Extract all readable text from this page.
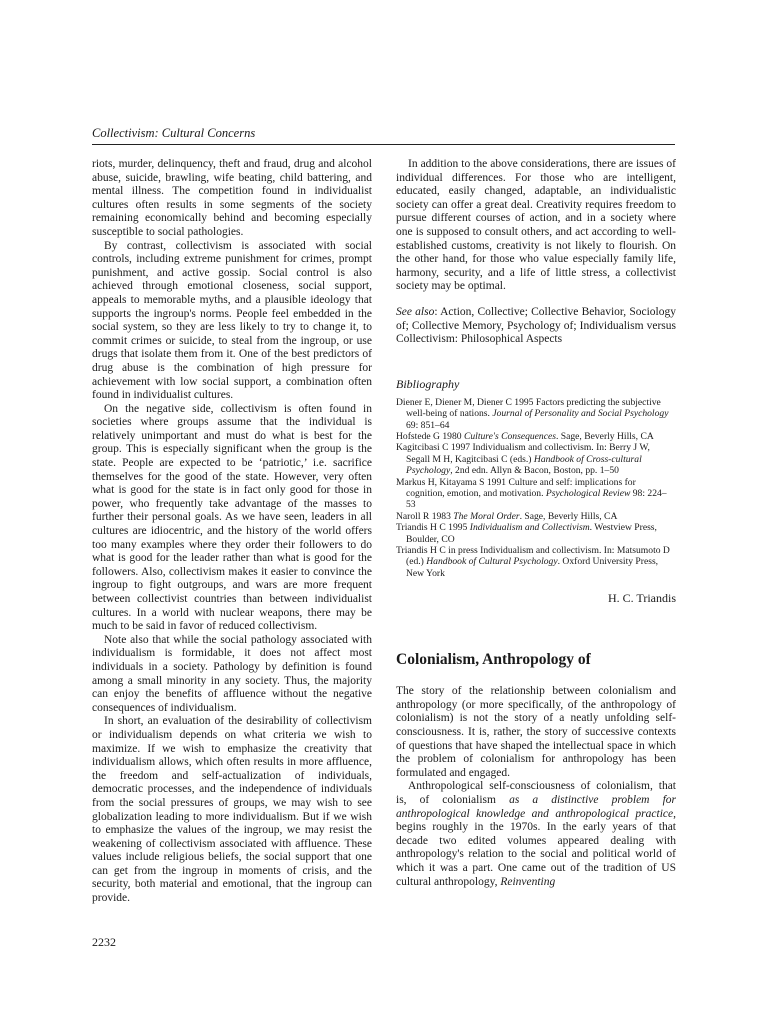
Collectivism: Cultural Concerns

riots, murder, delinquency, theft and fraud, drug and alcohol abuse, suicide, brawling, wife beating, child battering, and mental illness. The competition found in individualist cultures often results in some segments of the society remaining economically behind and becoming especially susceptible to social pathologies.

By contrast, collectivism is associated with social controls, including extreme punishment for crimes, prompt punishment, and active gossip. Social control is also achieved through emotional closeness, social support, appeals to memorable myths, and a plausible ideology that supports the ingroup's norms. People feel embedded in the social system, so they are less likely to try to change it, to commit crimes or suicide, to steal from the ingroup, or use drugs that isolate them from it. One of the best predictors of drug abuse is the combination of high pressure for achievement with low social support, a combination often found in individualist cultures.

On the negative side, collectivism is often found in societies where groups assume that the individual is relatively unimportant and must do what is best for the group. This is especially significant when the group is the state. People are expected to be ‘patriotic,’ i.e. sacrifice themselves for the good of the state. However, very often what is good for the state is in fact only good for those in power, who frequently take advantage of the masses to further their personal goals. As we have seen, leaders in all cultures are idiocentric, and the history of the world offers too many examples where they order their followers to do what is good for the leader rather than what is good for the followers. Also, collectivism makes it easier to convince the ingroup to fight outgroups, and wars are more frequent between collectivist countries than between individualist cultures. In a world with nuclear weapons, there may be much to be said in favor of reduced collectivism.

Note also that while the social pathology associated with individualism is formidable, it does not affect most individuals in a society. Pathology by definition is found among a small minority in any society. Thus, the majority can enjoy the benefits of affluence without the negative consequences of individualism.

In short, an evaluation of the desirability of collectivism or individualism depends on what criteria we wish to maximize. If we wish to emphasize the creativity that individualism allows, which often results in more affluence, the freedom and self-actualization of individuals, democratic processes, and the independence of individuals from the social pressures of groups, we may wish to see globalization leading to more individualism. But if we wish to emphasize the values of the ingroup, we may resist the weakening of collectivism associated with affluence. These values include religious beliefs, the social support that one can get from the ingroup in moments of crisis, and the security, both material and emotional, that the ingroup can provide.

In addition to the above considerations, there are issues of individual differences. For those who are intelligent, educated, easily changed, adaptable, an individualistic society can offer a great deal. Creativity requires freedom to pursue different courses of action, and in a society where one is supposed to consult others, and act according to well-established customs, creativity is not likely to flourish. On the other hand, for those who value especially family life, harmony, security, and a life of little stress, a collectivist society may be optimal.

See also: Action, Collective; Collective Behavior, Sociology of; Collective Memory, Psychology of; Individualism versus Collectivism: Philosophical Aspects

Bibliography
Diener E, Diener M, Diener C 1995 Factors predicting the subjective well-being of nations. Journal of Personality and Social Psychology 69: 851–64
Hofstede G 1980 Culture's Consequences. Sage, Beverly Hills, CA
Kagitcibasi C 1997 Individualism and collectivism. In: Berry J W, Segall M H, Kagitcibasi C (eds.) Handbook of Cross-cultural Psychology, 2nd edn. Allyn & Bacon, Boston, pp. 1–50
Markus H, Kitayama S 1991 Culture and self: implications for cognition, emotion, and motivation. Psychological Review 98: 224–53
Naroll R 1983 The Moral Order. Sage, Beverly Hills, CA
Triandis H C 1995 Individualism and Collectivism. Westview Press, Boulder, CO
Triandis H C in press Individualism and collectivism. In: Matsumoto D (ed.) Handbook of Cultural Psychology. Oxford University Press, New York
H. C. Triandis
Colonialism, Anthropology of

The story of the relationship between colonialism and anthropology (or more specifically, of the anthropology of colonialism) is not the story of a neatly unfolding self-consciousness. It is, rather, the story of successive contexts of questions that have shaped the intellectual space in which the problem of colonialism for anthropology has been formulated and engaged.

Anthropological self-consciousness of colonialism, that is, of colonialism as a distinctive problem for anthropological knowledge and anthropological practice, begins roughly in the 1970s. In the early years of that decade two edited volumes appeared dealing with anthropology's relation to the social and political world of which it was a part. One came out of the tradition of US cultural anthropology, Reinventing

2232
